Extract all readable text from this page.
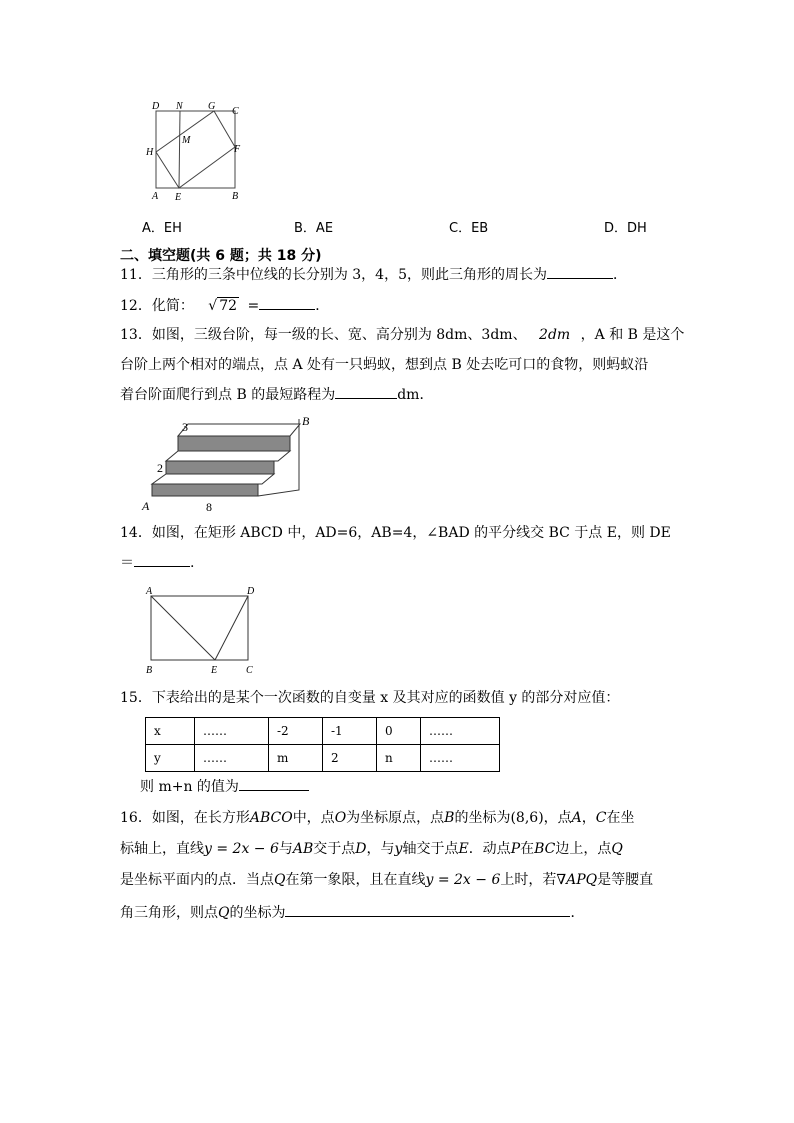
D N	G C
M
H	F
A E	B
A．EH	B．AE	C．EB	D．DH
二、填空题(共 6 题；共 18 分)
11．三角形的三条中位线的长分别为 3，4，5，则此三角形的周长为	．
12．化简： √ 72 =	．
13．如图，三级台阶，每一级的长、宽、高分别为 8dm、3dm、 2dm ，A 和 B 是这个
台阶上两个相对的端点，点 A 处有一只蚂蚁，想到点 B 处去吃可口的食物，则蚂蚁沿
着台阶面爬行到点 B 的最短路程为	dm．
3
2
8
A
B
14．如图，在矩形 ABCD 中，AD=6，AB=4，∠BAD 的平分线交 BC 于点 E，则 DE
＝	.
A	D
B	E	C
15．下表给出的是某个一次函数的自变量 x 及其对应的函数值 y 的部分对应值：
x	……	-2	-1	0	……
y	……	m	2	n	……
则 m+n 的值为
16．如图，在长方形ABCO中，点O为坐标原点，点B的坐标为(8,6)，点A，C在坐
标轴上，直线y = 2x − 6与AB交于点D，与y轴交于点E．动点P在BC边上，点Q
是坐标平面内的点．当点Q在第一象限，且在直线y = 2x − 6上时，若∇APQ是等腰直
角三角形，则点Q的坐标为	．
